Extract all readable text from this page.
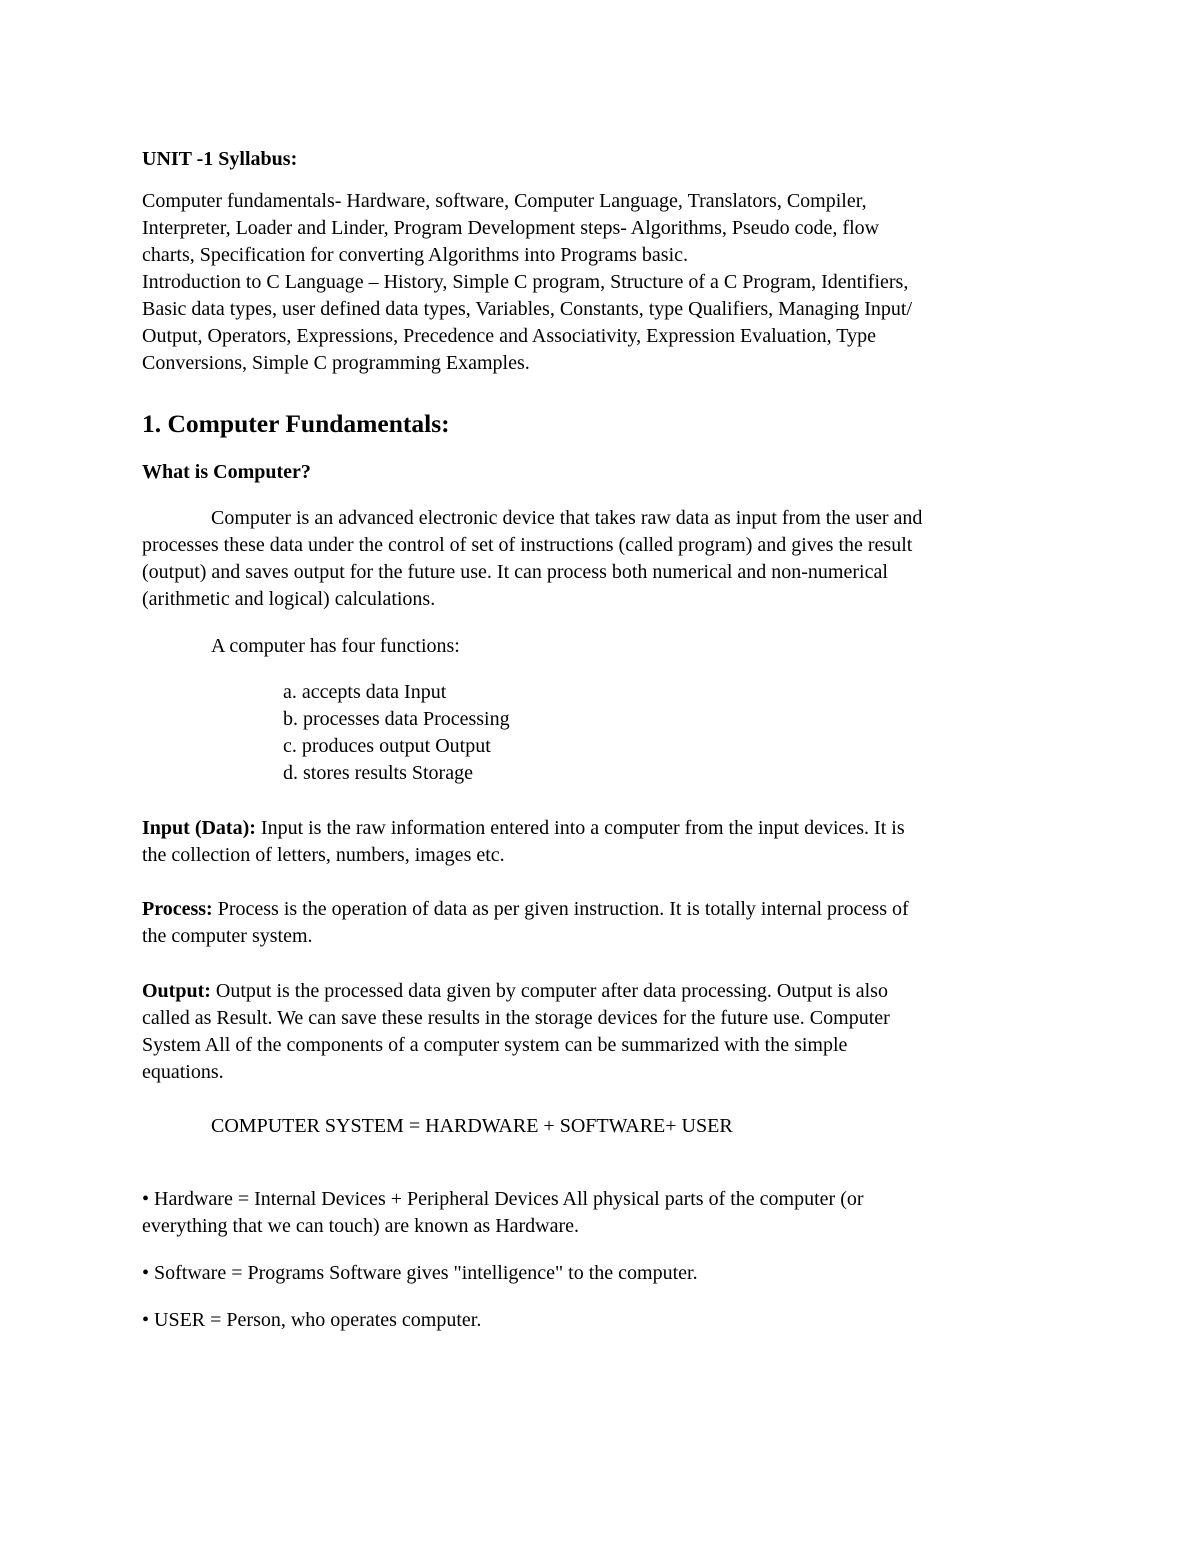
UNIT -1 Syllabus:

Computer fundamentals- Hardware, software, Computer Language, Translators, Compiler,
Interpreter, Loader and Linder, Program Development steps- Algorithms, Pseudo code, flow
charts, Specification for converting Algorithms into Programs basic.
Introduction to C Language – History, Simple C program, Structure of a C Program, Identifiers,
Basic data types, user defined data types, Variables, Constants, type Qualifiers, Managing Input/
Output, Operators, Expressions, Precedence and Associativity, Expression Evaluation, Type
Conversions, Simple C programming Examples.
1. Computer Fundamentals:

What is Computer?

Computer is an advanced electronic device that takes raw data as input from the user and
processes these data under the control of set of instructions (called program) and gives the result
(output) and saves output for the future use. It can process both numerical and non-numerical
(arithmetic and logical) calculations.

A computer has four functions:

a. accepts data Input
b. processes data Processing
c. produces output Output
d. stores results Storage
Input (Data): Input is the raw information entered into a computer from the input devices. It is
the collection of letters, numbers, images etc.
Process: Process is the operation of data as per given instruction. It is totally internal process of
the computer system.
Output: Output is the processed data given by computer after data processing. Output is also
called as Result. We can save these results in the storage devices for the future use. Computer
System All of the components of a computer system can be summarized with the simple
equations.

COMPUTER SYSTEM = HARDWARE + SOFTWARE+ USER

• Hardware = Internal Devices + Peripheral Devices All physical parts of the computer (or
everything that we can touch) are known as Hardware.

• Software = Programs Software gives "intelligence" to the computer.

• USER = Person, who operates computer.
